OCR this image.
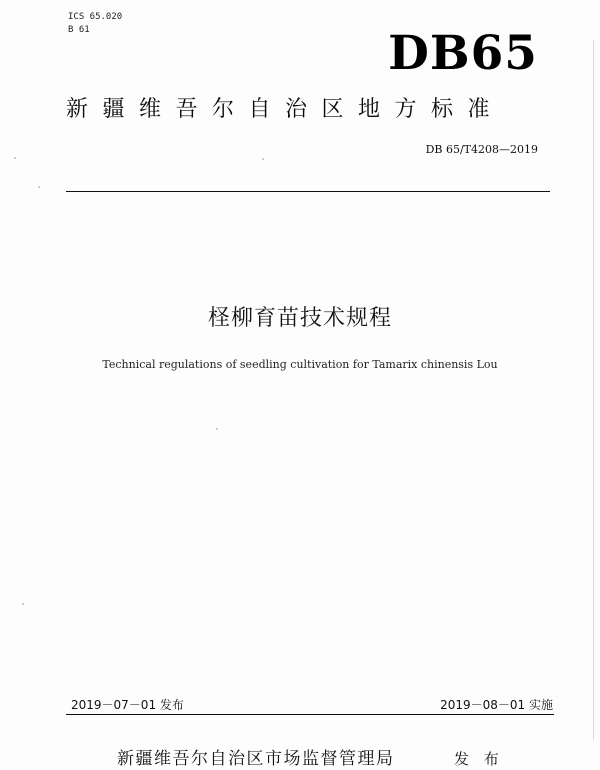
ICS 65.020
B 61	DB65
新疆维吾尔自治区地方标准
DB 65/T4208—2019
柽柳育苗技术规程
Technical regulations of seedling cultivation for Tamarix chinensis Lou
2019－07－01 发布	2019－08－01 实施
新疆维吾尔自治区市场监督管理局	发 布
